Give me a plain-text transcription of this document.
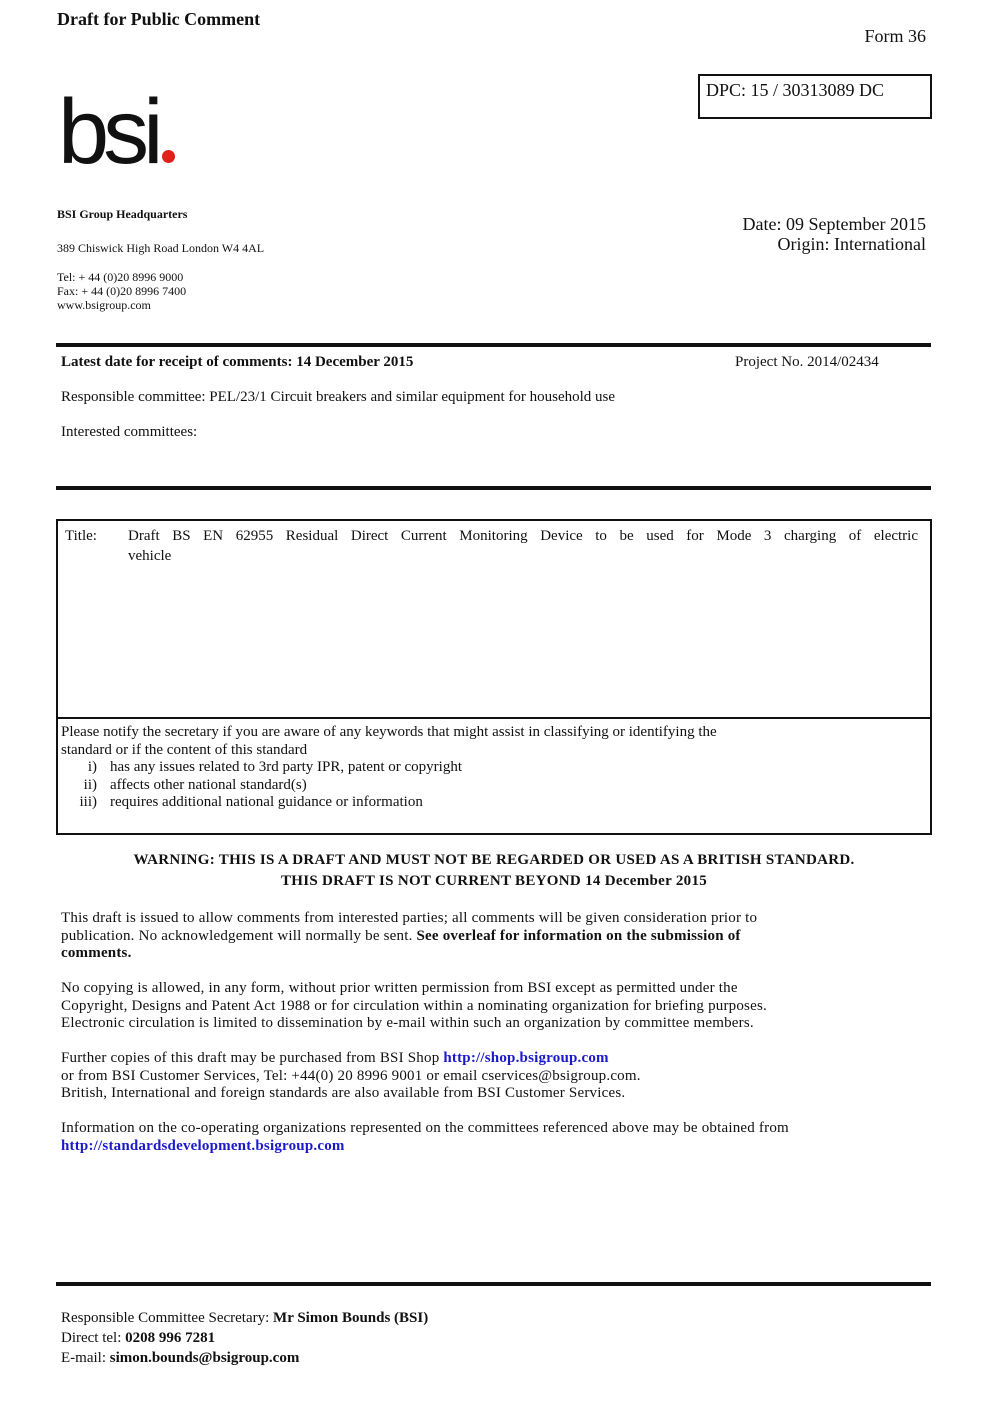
Draft for Public Comment
Form 36
DPC: 15 / 30313089 DC
bsi
BSI Group Headquarters
389 Chiswick High Road London W4 4AL
Tel: + 44 (0)20 8996 9000
Fax: + 44 (0)20 8996 7400
www.bsigroup.com
Date: 09 September 2015
Origin: International
Latest date for receipt of comments: 14 December 2015	Project No. 2014/02434
Responsible committee: PEL/23/1 Circuit breakers and similar equipment for household use
Interested committees:
Title: Draft BS EN 62955 Residual Direct Current Monitoring Device to be used for Mode 3 charging of electric
vehicle
Please notify the secretary if you are aware of any keywords that might assist in classifying or identifying the
standard or if the content of this standard
i) has any issues related to 3rd party IPR, patent or copyright
ii) affects other national standard(s)
iii) requires additional national guidance or information
WARNING: THIS IS A DRAFT AND MUST NOT BE REGARDED OR USED AS A BRITISH STANDARD.
THIS DRAFT IS NOT CURRENT BEYOND 14 December 2015
This draft is issued to allow comments from interested parties; all comments will be given consideration prior to
publication. No acknowledgement will normally be sent. See overleaf for information on the submission of
comments.
No copying is allowed, in any form, without prior written permission from BSI except as permitted under the
Copyright, Designs and Patent Act 1988 or for circulation within a nominating organization for briefing purposes.
Electronic circulation is limited to dissemination by e-mail within such an organization by committee members.
Further copies of this draft may be purchased from BSI Shop http://shop.bsigroup.com
or from BSI Customer Services, Tel: +44(0) 20 8996 9001 or email cservices@bsigroup.com.
British, International and foreign standards are also available from BSI Customer Services.
Information on the co-operating organizations represented on the committees referenced above may be obtained from
http://standardsdevelopment.bsigroup.com
Responsible Committee Secretary: Mr Simon Bounds (BSI)
Direct tel: 0208 996 7281
E-mail: simon.bounds@bsigroup.com
